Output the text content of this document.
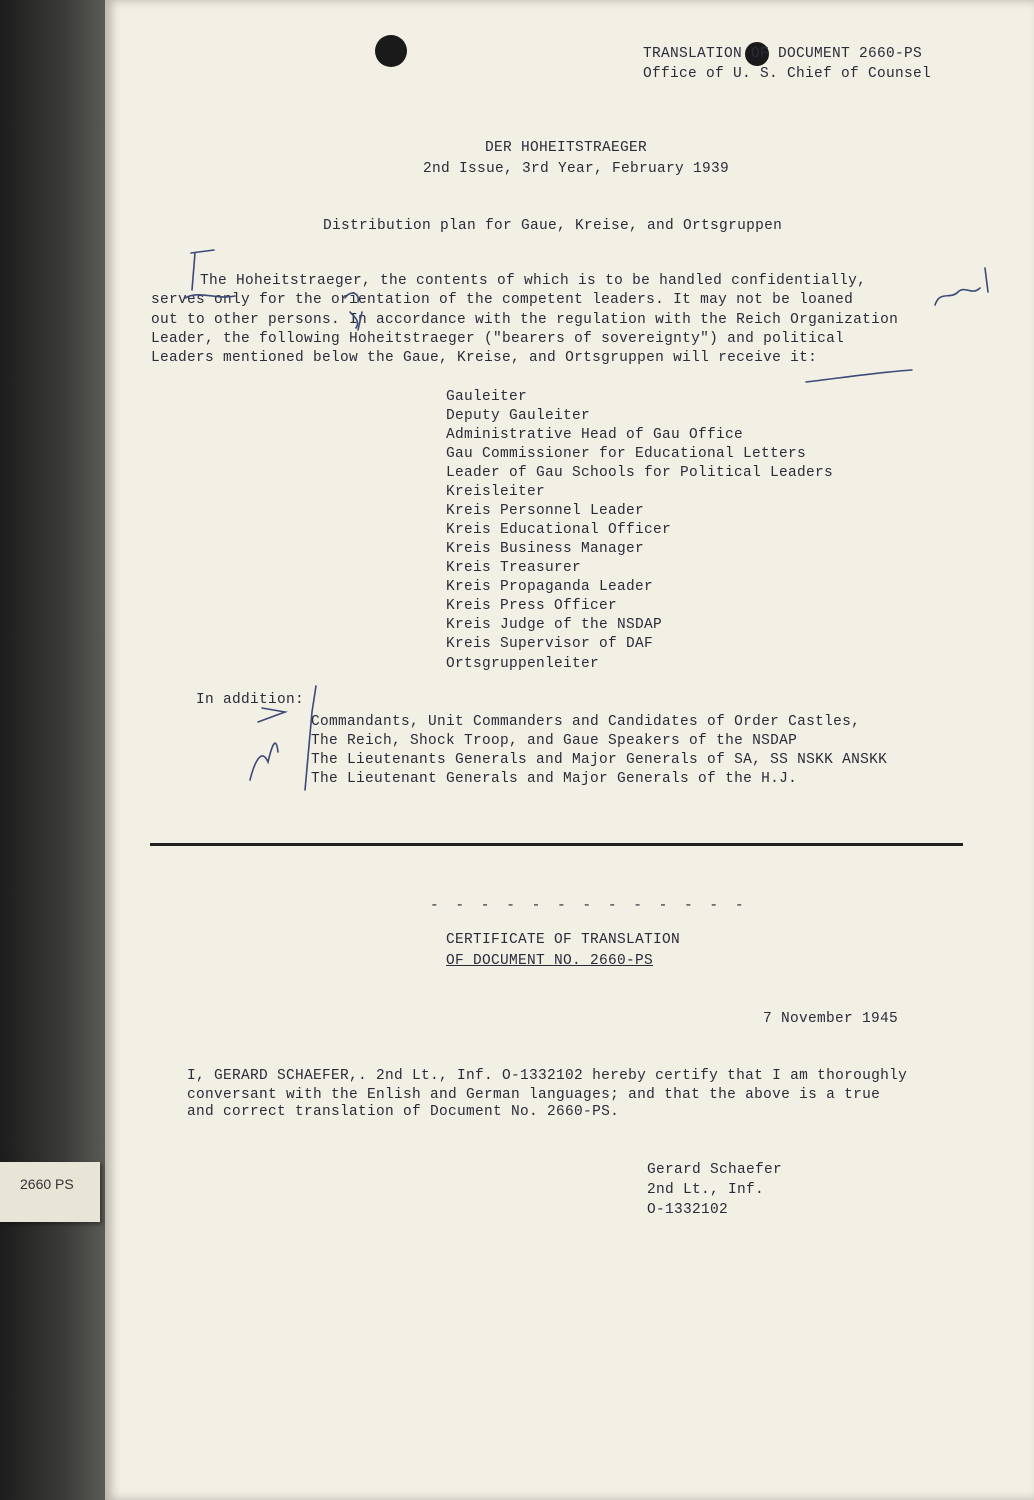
TRANSLATION OF DOCUMENT 2660-PS
Office of U. S. Chief of Counsel
DER HOHEITSTRAEGER
2nd Issue, 3rd Year, February 1939
Distribution plan for Gaue, Kreise, and Ortsgruppen
The Hoheitstraeger, the contents of which is to be handled confidentially,
serves only for the orientation of the competent leaders. It may not be loaned
out to other persons. In accordance with the regulation with the Reich Organization
Leader, the following Hoheitstraeger ("bearers of sovereignty") and political
Leaders mentioned below the Gaue, Kreise, and Ortsgruppen will receive it:
Gauleiter
Deputy Gauleiter
Administrative Head of Gau Office
Gau Commissioner for Educational Letters
Leader of Gau Schools for Political Leaders
Kreisleiter
Kreis Personnel Leader
Kreis Educational Officer
Kreis Business Manager
Kreis Treasurer
Kreis Propaganda Leader
Kreis Press Officer
Kreis Judge of the NSDAP
Kreis Supervisor of DAF
Ortsgruppenleiter
In addition:
Commandants, Unit Commanders and Candidates of Order Castles,
The Reich, Shock Troop, and Gaue Speakers of the NSDAP
The Lieutenants Generals and Major Generals of SA, SS NSKK ANSKK
The Lieutenant Generals and Major Generals of the H.J.
- - - - - - - - - - - - -
CERTIFICATE OF TRANSLATION
OF DOCUMENT NO. 2660-PS
7 November 1945
I, GERARD SCHAEFER,. 2nd Lt., Inf. O-1332102 hereby certify that I am thoroughly
conversant with the Enlish and German languages; and that the above is a true
and correct translation of Document No. 2660-PS.
Gerard Schaefer
2nd Lt., Inf.
O-1332102
2660 PS
